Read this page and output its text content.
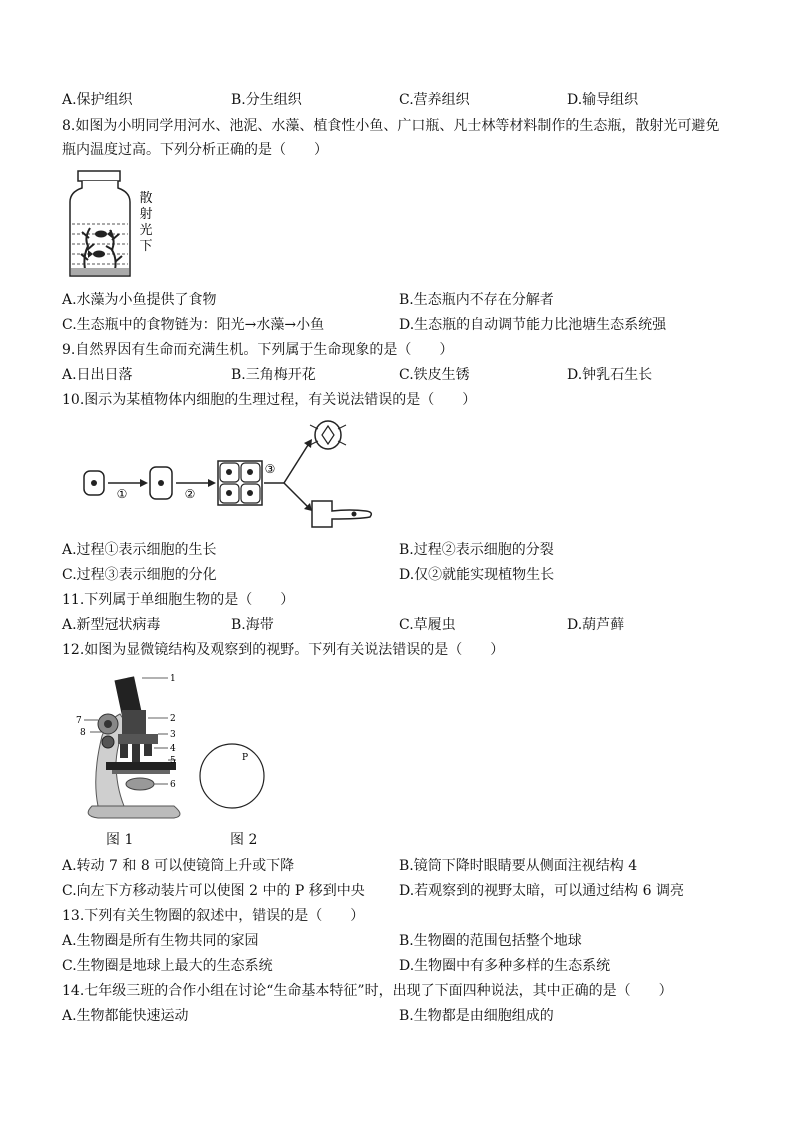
A.保护组织	B.分生组织	C.营养组织	D.输导组织
8.如图为小明同学用河水、池泥、水藻、植食性小鱼、广口瓶、凡士林等材料制作的生态瓶，散射光可避免
瓶内温度过高。下列分析正确的是（　　）
散
射
光
下
A.水藻为小鱼提供了食物	B.生态瓶内不存在分解者
C.生态瓶中的食物链为：阳光→水藻→小鱼	D.生态瓶的自动调节能力比池塘生态系统强
9.自然界因有生命而充满生机。下列属于生命现象的是（　　）
A.日出日落	B.三角梅开花	C.铁皮生锈	D.钟乳石生长
10.图示为某植物体内细胞的生理过程，有关说法错误的是（　　）
①	②
③
A.过程①表示细胞的生长	B.过程②表示细胞的分裂
C.过程③表示细胞的分化	D.仅②就能实现植物生长
11.下列属于单细胞生物的是（　　）
A.新型冠状病毒	B.海带	C.草履虫	D.葫芦藓
12.如图为显微镜结构及观察到的视野。下列有关说法错误的是（　　）
1
2
3
4
5
6
7
8
P
图 1	图 2
A.转动 7 和 8 可以使镜筒上升或下降	B.镜筒下降时眼睛要从侧面注视结构 4
C.向左下方移动装片可以使图 2 中的 P 移到中央 D.若观察到的视野太暗，可以通过结构 6 调亮
13.下列有关生物圈的叙述中，错误的是（　　）
A.生物圈是所有生物共同的家园	B.生物圈的范围包括整个地球
C.生物圈是地球上最大的生态系统	D.生物圈中有多种多样的生态系统
14.七年级三班的合作小组在讨论“生命基本特征”时，出现了下面四种说法，其中正确的是（　　）
A.生物都能快速运动	B.生物都是由细胞组成的
